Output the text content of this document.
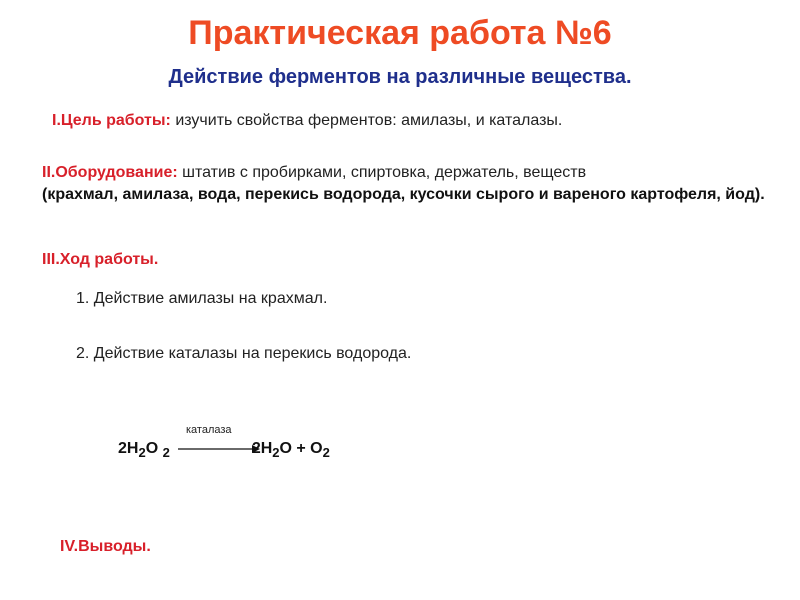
Практическая работа №6
Действие ферментов на различные вещества.
I.Цель работы: изучить свойства ферментов: амилазы, и каталазы.
II.Оборудование: штатив с пробирками, спиртовка, держатель, веществ
(крахмал, амилаза, вода, перекись водорода, кусочки сырого и вареного картофеля, йод).
III.Ход работы.
1. Действие амилазы на крахмал.
2. Действие каталазы на перекись водорода.
каталаза
$2H_2O$ $_2$	$2H_2O + O_2$
IV.Выводы.
